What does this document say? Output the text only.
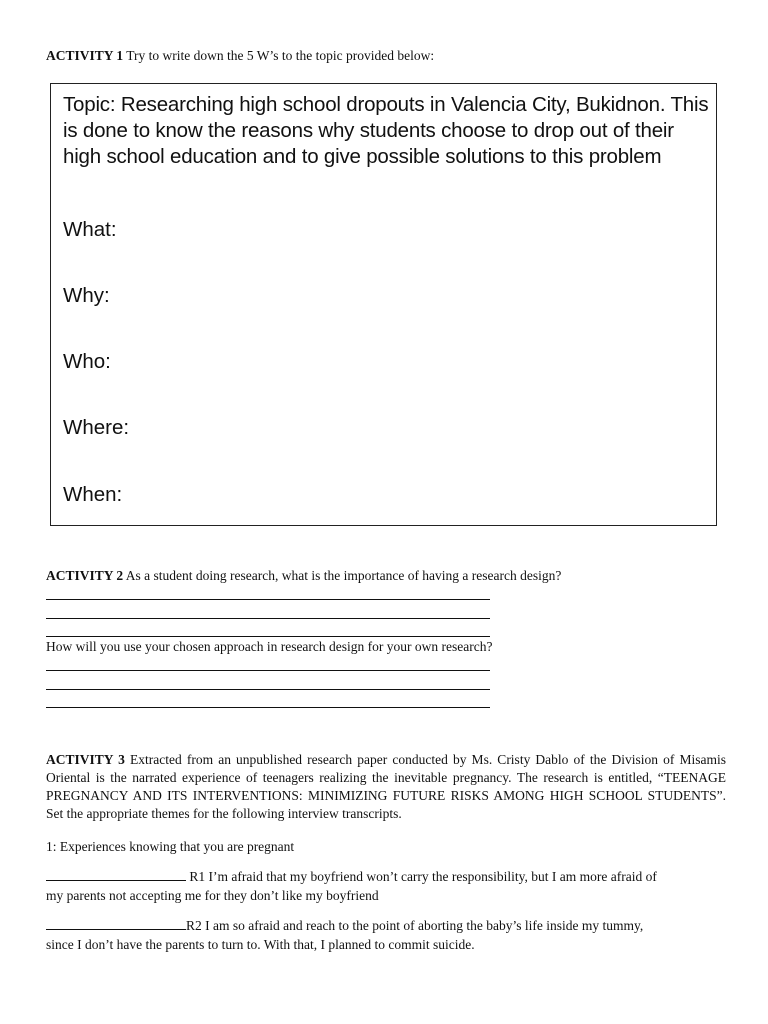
ACTIVITY 1 Try to write down the 5 W’s to the topic provided below:
Topic: Researching high school dropouts in Valencia City, Bukidnon. This is done to know the reasons why students choose to drop out of their high school education and to give possible solutions to this problem
What:
Why:
Who:
Where:
When:
ACTIVITY 2 As a student doing research, what is the importance of having a research design?
How will you use your chosen approach in research design for your own research?
ACTIVITY 3 Extracted from an unpublished research paper conducted by Ms. Cristy Dablo of the Division of Misamis Oriental is the narrated experience of teenagers realizing the inevitable pregnancy. The research is entitled, “TEENAGE PREGNANCY AND ITS INTERVENTIONS: MINIMIZING FUTURE RISKS AMONG HIGH SCHOOL STUDENTS”. Set the appropriate themes for the following interview transcripts.
1: Experiences knowing that you are pregnant
R1 I’m afraid that my boyfriend won’t carry the responsibility, but I am more afraid of
my parents not accepting me for they don’t like my boyfriend
R2 I am so afraid and reach to the point of aborting the baby’s life inside my tummy,
since I don’t have the parents to turn to. With that, I planned to commit suicide.
